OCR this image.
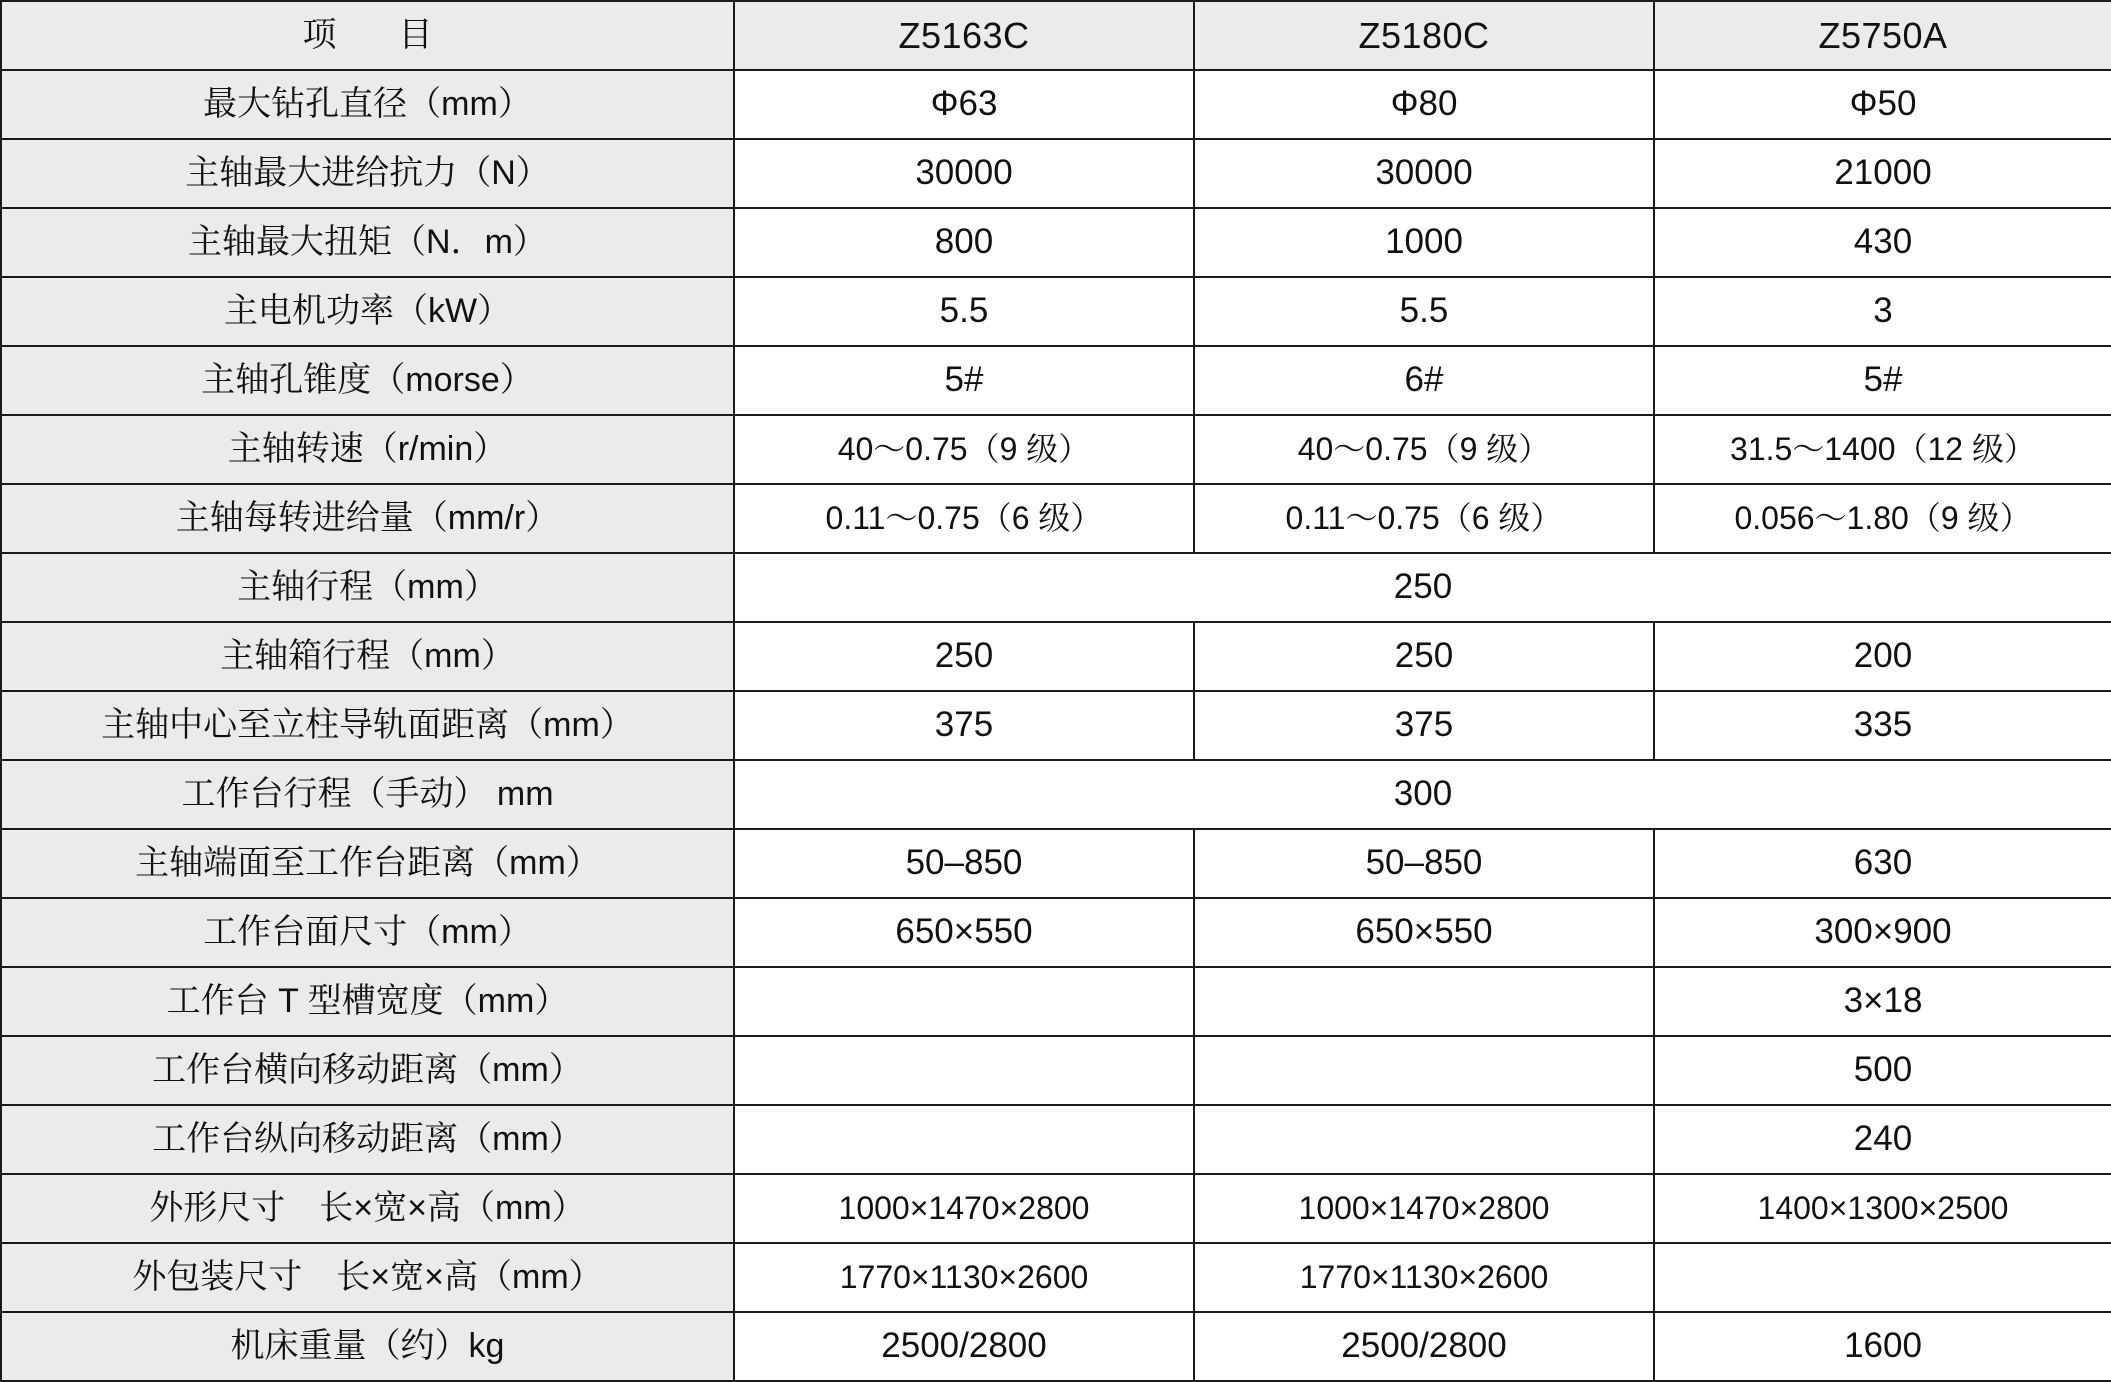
项　目	Z5163C	Z5180C	Z5750A
最大钻孔直径（mm）	Φ63	Φ80	Φ50
主轴最大进给抗力（N）	30000	30000	21000
主轴最大扭矩（N．m）	800	1000	430
主电机功率（kW）	5.5	5.5	3
主轴孔锥度（morse）	5#	6#	5#
主轴转速（r/min）	40～0.75（9 级）	40～0.75（9 级）	31.5～1400（12 级）
主轴每转进给量（mm/r）	0.11～0.75（6 级）	0.11～0.75（6 级）	0.056～1.80（9 级）
主轴行程（mm）	250		
主轴箱行程（mm）	250	250	200
主轴中心至立柱导轨面距离（mm）	375	375	335
工作台行程（手动） mm	300		
主轴端面至工作台距离（mm）	50–850	50–850	630
工作台面尺寸（mm）	650×550	650×550	300×900
工作台 T 型槽宽度（mm）			3×18
工作台横向移动距离（mm）			500
工作台纵向移动距离（mm）			240
外形尺寸　长×宽×高（mm）	1000×1470×2800	1000×1470×2800	1400×1300×2500
外包装尺寸　长×宽×高（mm）	1770×1130×2600	1770×1130×2600	
机床重量（约）kg	2500/2800	2500/2800	1600
